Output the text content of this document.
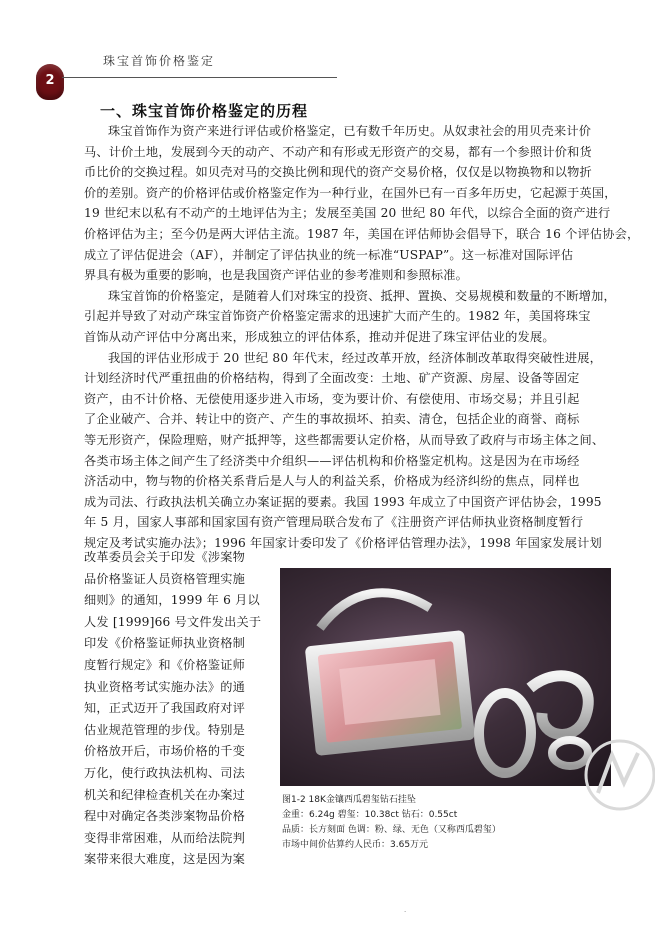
2
珠宝首饰价格鉴定
一、珠宝首饰价格鉴定的历程
珠宝首饰作为资产来进行评估或价格鉴定，已有数千年历史。从奴隶社会的用贝壳来计价
马、计价土地，发展到今天的动产、不动产和有形或无形资产的交易，都有一个参照计价和货
币比价的交换过程。如贝壳对马的交换比例和现代的资产交易价格，仅仅是以物换物和以物折
价的差别。资产的价格评估或价格鉴定作为一种行业，在国外已有一百多年历史，它起源于英国，
19 世纪末以私有不动产的土地评估为主；发展至美国 20 世纪 80 年代，以综合全面的资产进行
价格评估为主；至今仍是两大评估主流。1987 年，美国在评估师协会倡导下，联合 16 个评估协会，
成立了评估促进会（AF），并制定了评估执业的统一标准“USPAP”。这一标准对国际评估
界具有极为重要的影响，也是我国资产评估业的参考准则和参照标准。
珠宝首饰的价格鉴定，是随着人们对珠宝的投资、抵押、置换、交易规模和数量的不断增加，
引起并导致了对动产珠宝首饰资产价格鉴定需求的迅速扩大而产生的。1982 年，美国将珠宝
首饰从动产评估中分离出来，形成独立的评估体系，推动并促进了珠宝评估业的发展。
我国的评估业形成于 20 世纪 80 年代末，经过改革开放，经济体制改革取得突破性进展，
计划经济时代严重扭曲的价格结构，得到了全面改变：土地、矿产资源、房屋、设备等固定
资产，由不计价格、无偿使用逐步进入市场，变为要计价、有偿使用、市场交易；并且引起
了企业破产、合并、转让中的资产、产生的事故损坏、拍卖、清仓，包括企业的商誉、商标
等无形资产，保险理赔，财产抵押等，这些都需要认定价格，从而导致了政府与市场主体之间、
各类市场主体之间产生了经济类中介组织——评估机构和价格鉴定机构。这是因为在市场经
济活动中，物与物的价格关系背后是人与人的利益关系，价格成为经济纠纷的焦点，同样也
成为司法、行政执法机关确立办案证据的要素。我国 1993 年成立了中国资产评估协会，1995
年 5 月，国家人事部和国家国有资产管理局联合发布了《注册资产评估师执业资格制度暂行
规定及考试实施办法》；1996 年国家计委印发了《价格评估管理办法》，1998 年国家发展计划
改革委员会关于印发《涉案物
品价格鉴证人员资格管理实施
细则》的通知，1999 年 6 月以
人发 [1999]66 号文件发出关于
印发《价格鉴证师执业资格制
度暂行规定》和《价格鉴证师
执业资格考试实施办法》的通
知，正式迈开了我国政府对评
估业规范管理的步伐。特别是
价格放开后，市场价格的千变
万化，使行政执法机构、司法
机关和纪律检查机关在办案过
程中对确定各类涉案物品价格
变得非常困难，从而给法院判
案带来很大难度，这是因为案
图1-2 18K金镶西瓜碧玺钻石挂坠
金重：6.24g 碧玺：10.38ct 钻石：0.55ct
品质：长方刻面 色调：粉、绿、无色（又称西瓜碧玺）
市场中间价估算约人民币：3.65万元
.
